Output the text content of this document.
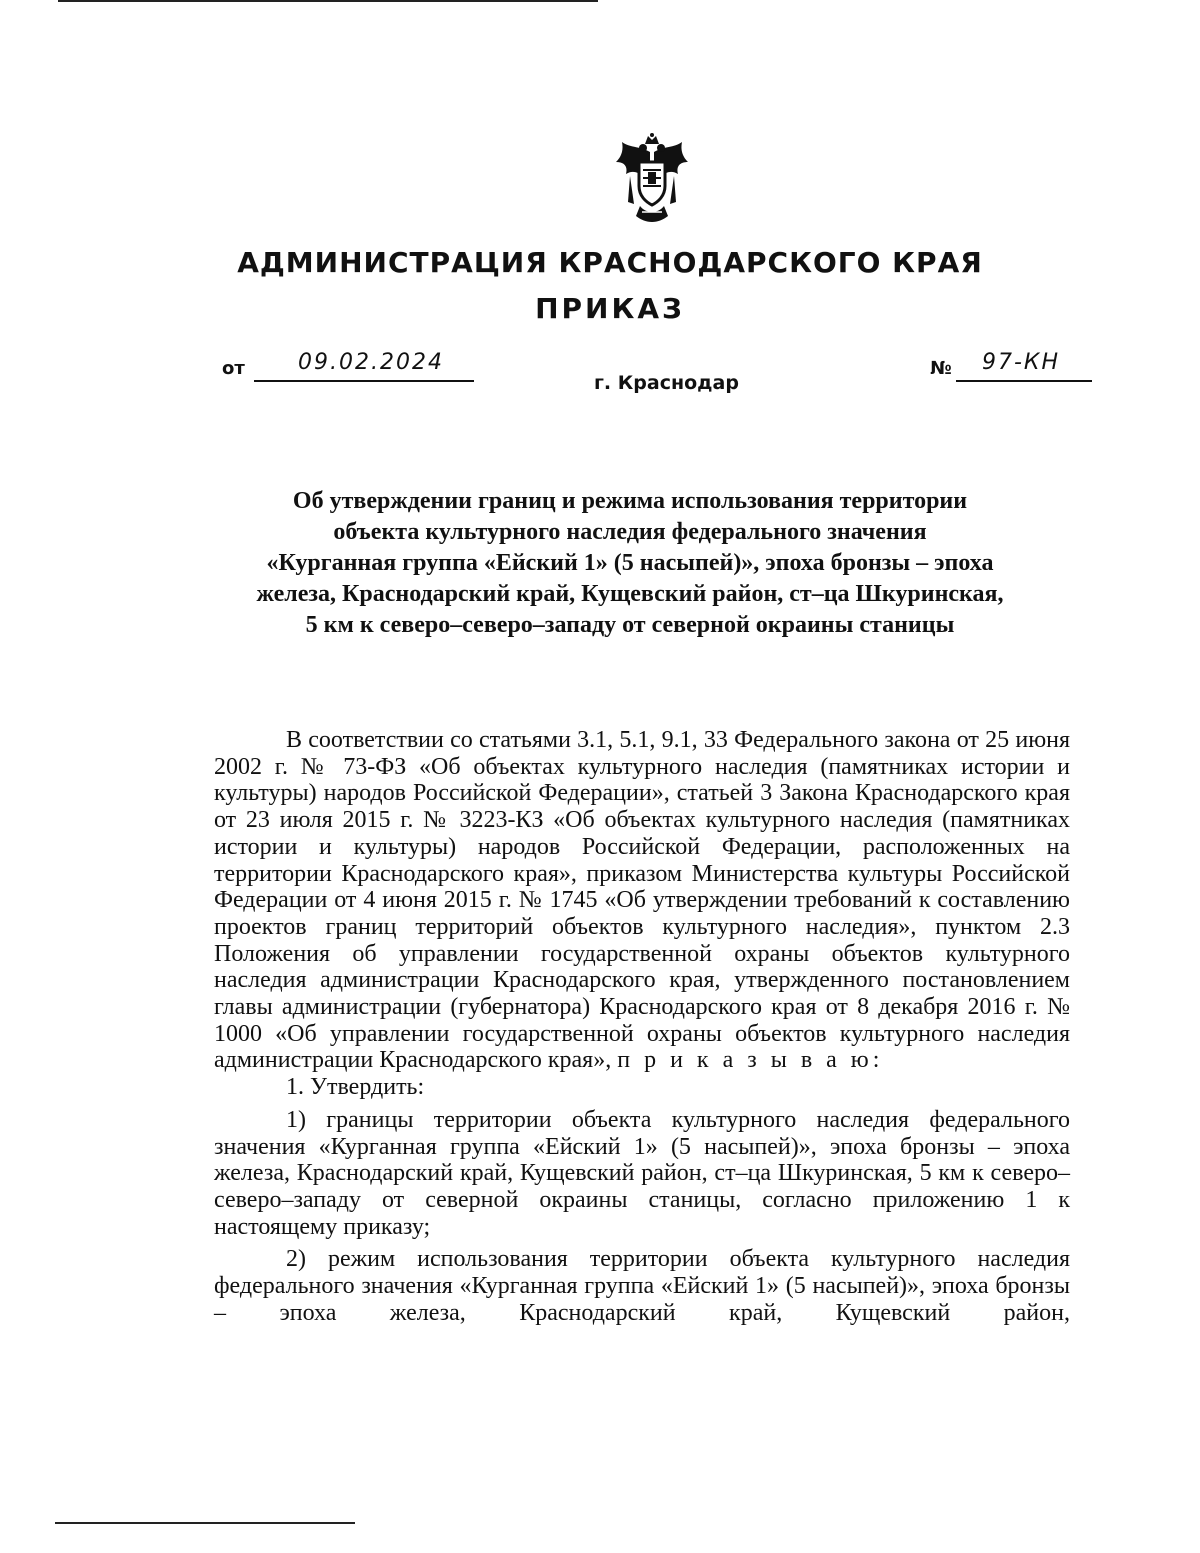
АДМИНИСТРАЦИЯ КРАСНОДАРСКОГО КРАЯ
ПРИКАЗ
от 09.02.2024	№ 97-КН
г. Краснодар
Об утверждении границ и режима использования территории
объекта культурного наследия федерального значения
«Курганная группа «Ейский 1» (5 насыпей)», эпоха бронзы – эпоха
железа, Краснодарский край, Кущевский район, ст–ца Шкуринская,
5 км к северо–северо–западу от северной окраины станицы

В соответствии со статьями 3.1, 5.1, 9.1, 33 Федерального закона от 25 июня 2002 г. № 73-ФЗ «Об объектах культурного наследия (памятниках истории и культуры) народов Российской Федерации», статьей 3 Закона Краснодарского края от 23 июля 2015 г. № 3223-КЗ «Об объектах культурного наследия (памятниках истории и культуры) народов Российской Федерации, расположенных на территории Краснодарского края», приказом Министерства культуры Российской Федерации от 4 июня 2015 г. № 1745 «Об утверждении требований к составлению проектов границ территорий объектов культурного наследия», пунктом 2.3 Положения об управлении государственной охраны объектов культурного наследия администрации Краснодарского края, утвержденного постановлением главы администрации (губернатора) Краснодарского края от 8 декабря 2016 г. № 1000 «Об управлении государственной охраны объектов культурного наследия администрации Краснодарского края», п р и к а з ы в а ю:

1. Утвердить:

1) границы территории объекта культурного наследия федерального значения «Курганная группа «Ейский 1» (5 насыпей)», эпоха бронзы – эпоха железа, Краснодарский край, Кущевский район, ст–ца Шкуринская, 5 км к северо–северо–западу от северной окраины станицы, согласно приложению 1 к настоящему приказу;

2) режим использования территории объекта культурного наследия федерального значения «Курганная группа «Ейский 1» (5 насыпей)», эпоха бронзы – эпоха железа, Краснодарский край, Кущевский район,
